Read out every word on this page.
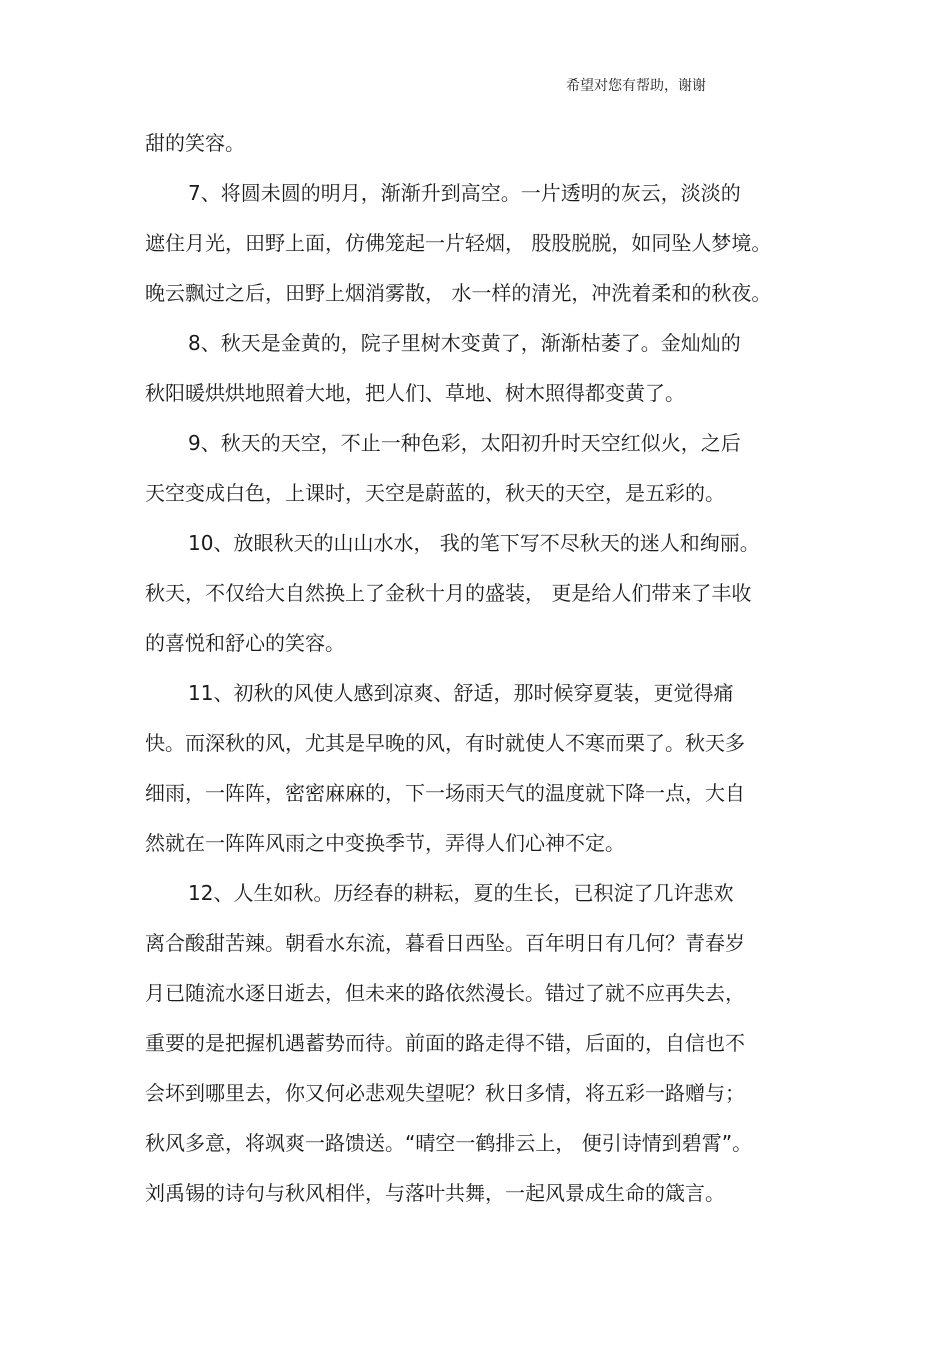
希望对您有帮助，谢谢
甜的笑容。
7、将圆未圆的明月，渐渐升到高空。一片透明的灰云，淡淡的
遮住月光，田野上面，仿佛笼起一片轻烟， 股股脱脱，如同坠人梦境。
晚云飘过之后，田野上烟消雾散， 水一样的清光，冲洗着柔和的秋夜。
8、秋天是金黄的，院子里树木变黄了，渐渐枯萎了。金灿灿的
秋阳暖烘烘地照着大地，把人们、草地、树木照得都变黄了。
9、秋天的天空，不止一种色彩，太阳初升时天空红似火，之后
天空变成白色，上课时，天空是蔚蓝的，秋天的天空，是五彩的。
10、放眼秋天的山山水水， 我的笔下写不尽秋天的迷人和绚丽。
秋天，不仅给大自然换上了金秋十月的盛装， 更是给人们带来了丰收
的喜悦和舒心的笑容。
11、初秋的风使人感到凉爽、舒适，那时候穿夏装，更觉得痛
快。而深秋的风，尤其是早晚的风，有时就使人不寒而栗了。秋天多
细雨，一阵阵，密密麻麻的，下一场雨天气的温度就下降一点，大自
然就在一阵阵风雨之中变换季节，弄得人们心神不定。
12、人生如秋。历经春的耕耘，夏的生长，已积淀了几许悲欢
离合酸甜苦辣。朝看水东流，暮看日西坠。百年明日有几何？青春岁
月已随流水逐日逝去，但未来的路依然漫长。错过了就不应再失去，
重要的是把握机遇蓄势而待。前面的路走得不错，后面的，自信也不
会坏到哪里去，你又何必悲观失望呢？秋日多情，将五彩一路赠与；
秋风多意，将飒爽一路馈送。“晴空一鹤排云上， 便引诗情到碧霄”。
刘禹锡的诗句与秋风相伴，与落叶共舞，一起风景成生命的箴言。
